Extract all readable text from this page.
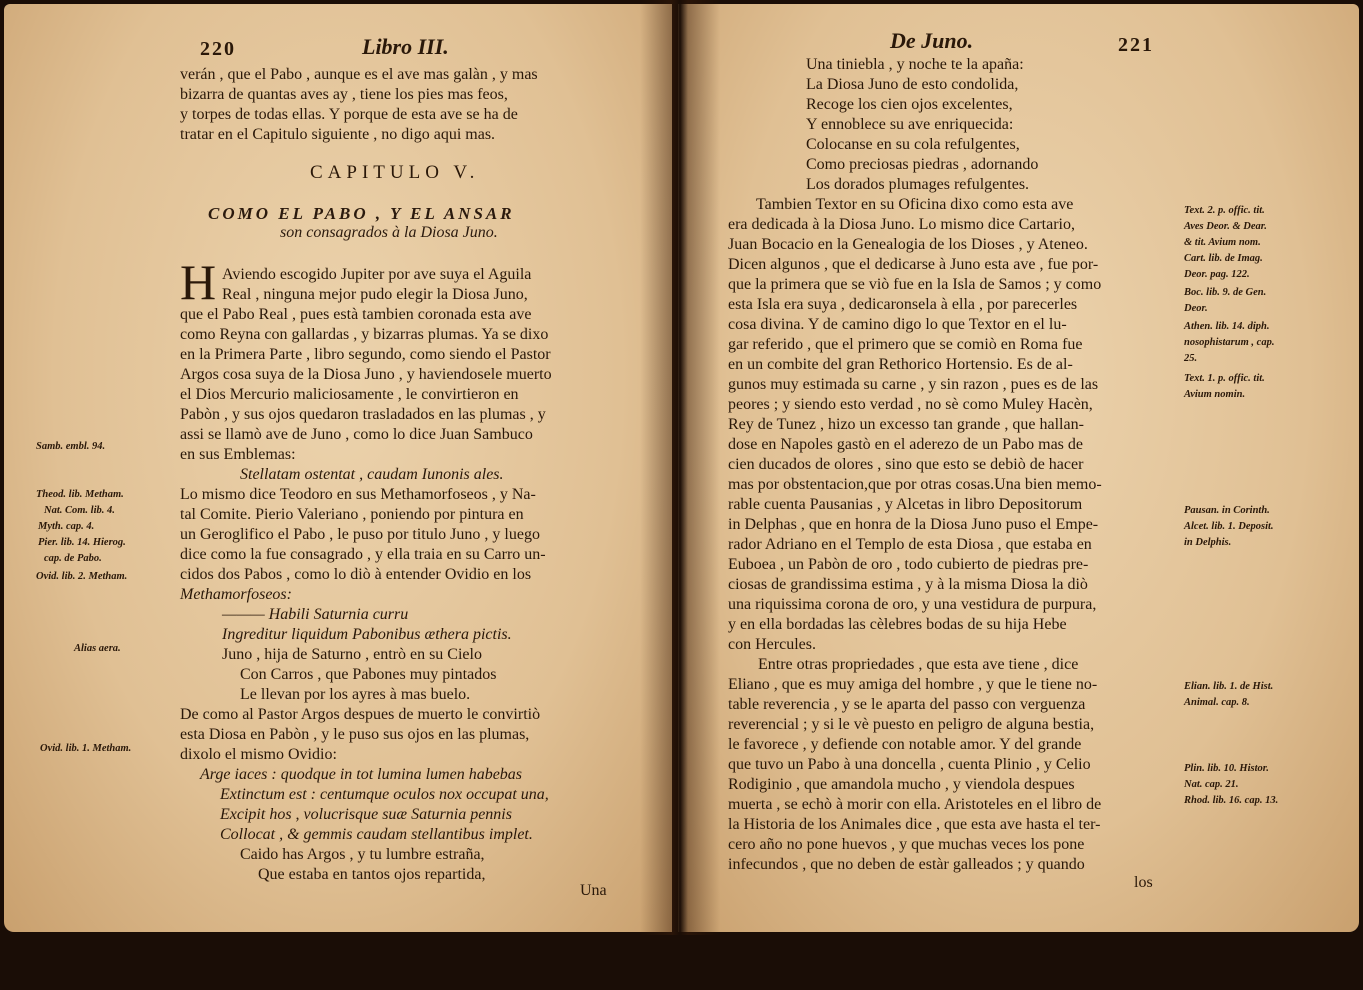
220	Libro III.
verán , que el Pabo , aunque es el ave mas galàn , y mas
bizarra de quantas aves ay , tiene los pies mas feos,
y torpes de todas ellas. Y porque de esta ave se ha de
tratar en el Capitulo siguiente , no digo aqui mas.
CAPITULO V.
COMO EL PABO , Y EL ANSAR
son consagrados à la Diosa Juno.
H Aviendo escogido Jupiter por ave suya el Aguila
Real , ninguna mejor pudo elegir la Diosa Juno,
que el Pabo Real , pues està tambien coronada esta ave
como Reyna con gallardas , y bizarras plumas. Ya se dixo
en la Primera Parte , libro segundo, como siendo el Pastor
Argos cosa suya de la Diosa Juno , y haviendosele muerto
el Dios Mercurio maliciosamente , le convirtieron en
Pabòn , y sus ojos quedaron trasladados en las plumas , y
assi se llamò ave de Juno , como lo dice Juan Sambuco
en sus Emblemas:
Stellatam ostentat , caudam Iunonis ales.
Lo mismo dice Teodoro en sus Methamorfoseos , y Na-
tal Comite. Pierio Valeriano , poniendo por pintura en
un Geroglifico el Pabo , le puso por titulo Juno , y luego
dice como la fue consagrado , y ella traia en su Carro un-
cidos dos Pabos , como lo diò à entender Ovidio en los
Methamorfoseos:
——— Habili Saturnia curru
Ingreditur liquidum Pabonibus æthera pictis.
Juno , hija de Saturno , entrò en su Cielo
Con Carros , que Pabones muy pintados
Le llevan por los ayres à mas buelo.
De como al Pastor Argos despues de muerto le convirtiò
esta Diosa en Pabòn , y le puso sus ojos en las plumas,
dixolo el mismo Ovidio:
Arge iaces : quodque in tot lumina lumen habebas
Extinctum est : centumque oculos nox occupat una,
Excipit hos , volucrisque suæ Saturnia pennis
Collocat , & gemmis caudam stellantibus implet.
Caido has Argos , y tu lumbre estraña,
Que estaba en tantos ojos repartida,
Una
Samb. embl. 94.
Theod. lib. Metham.
Nat. Com. lib. 4.
Myth. cap. 4.
Pier. lib. 14. Hierog.
cap. de Pabo.
Ovid. lib. 2. Metham.
Alias aera.
Ovid. lib. 1. Metham.
De Juno.	221
Una tiniebla , y noche te la apaña:
La Diosa Juno de esto condolida,
Recoge los cien ojos excelentes,
Y ennoblece su ave enriquecida:
Colocanse en su cola refulgentes,
Como preciosas piedras , adornando
Los dorados plumages refulgentes.
Tambien Textor en su Oficina dixo como esta ave
era dedicada à la Diosa Juno. Lo mismo dice Cartario,
Juan Bocacio en la Genealogia de los Dioses , y Ateneo.
Dicen algunos , que el dedicarse à Juno esta ave , fue por-
que la primera que se viò fue en la Isla de Samos ; y como
esta Isla era suya , dedicaronsela à ella , por parecerles
cosa divina. Y de camino digo lo que Textor en el lu-
gar referido , que el primero que se comiò en Roma fue
en un combite del gran Rethorico Hortensio. Es de al-
gunos muy estimada su carne , y sin razon , pues es de las
peores ; y siendo esto verdad , no sè como Muley Hacèn,
Rey de Tunez , hizo un excesso tan grande , que hallan-
dose en Napoles gastò en el aderezo de un Pabo mas de
cien ducados de olores , sino que esto se debiò de hacer
mas por obstentacion,que por otras cosas.Una bien memo-
rable cuenta Pausanias , y Alcetas in libro Depositorum
in Delphas , que en honra de la Diosa Juno puso el Empe-
rador Adriano en el Templo de esta Diosa , que estaba en
Euboea , un Pabòn de oro , todo cubierto de piedras pre-
ciosas de grandissima estima , y à la misma Diosa la diò
una riquissima corona de oro, y una vestidura de purpura,
y en ella bordadas las cèlebres bodas de su hija Hebe
con Hercules.
Entre otras propriedades , que esta ave tiene , dice
Eliano , que es muy amiga del hombre , y que le tiene no-
table reverencia , y se le aparta del passo con verguenza
reverencial ; y si le vè puesto en peligro de alguna bestia,
le favorece , y defiende con notable amor. Y del grande
que tuvo un Pabo à una doncella , cuenta Plinio , y Celio
Rodiginio , que amandola mucho , y viendola despues
muerta , se echò à morir con ella. Aristoteles en el libro de
la Historia de los Animales dice , que esta ave hasta el ter-
cero año no pone huevos , y que muchas veces los pone
infecundos , que no deben de estàr galleados ; y quando
los
Text. 2. p. offic. tit.
Aves Deor. & Dear.
& tit. Avium nom.
Cart. lib. de Imag.
Deor. pag. 122.
Boc. lib. 9. de Gen.
Deor.
Athen. lib. 14. diph.
nosophistarum , cap.
25.
Text. 1. p. offic. tit.
Avium nomin.
Pausan. in Corinth.
Alcet. lib. 1. Deposit.
in Delphis.
Elian. lib. 1. de Hist.
Animal. cap. 8.
Plin. lib. 10. Histor.
Nat. cap. 21.
Rhod. lib. 16. cap. 13.
